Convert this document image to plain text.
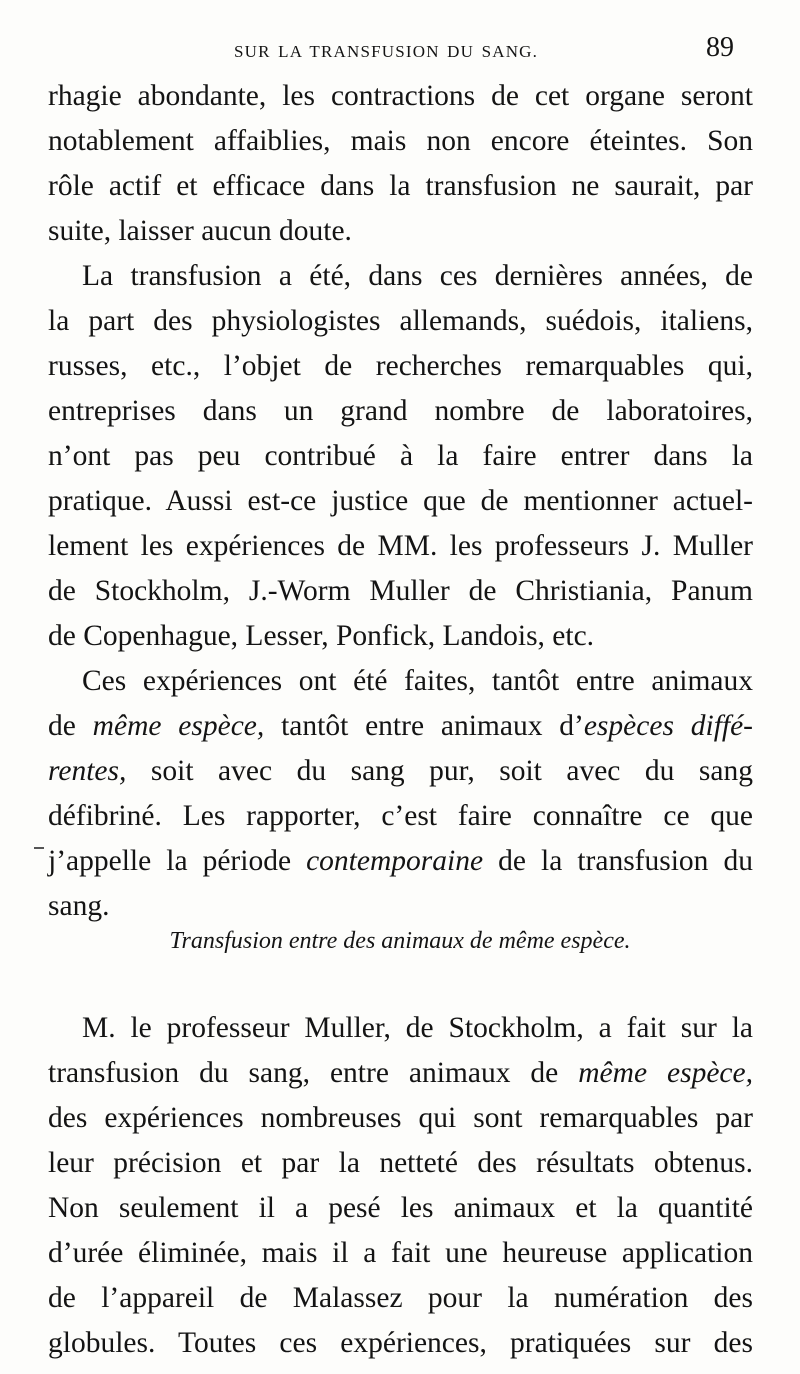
SUR LA TRANSFUSION DU SANG.	89
rhagie abondante, les contractions de cet organe seront
notablement affaiblies, mais non encore éteintes. Son
rôle actif et efficace dans la transfusion ne saurait, par
suite, laisser aucun doute.
La transfusion a été, dans ces dernières années, de
la part des physiologistes allemands, suédois, italiens,
russes, etc., l’objet de recherches remarquables qui,
entreprises dans un grand nombre de laboratoires,
n’ont pas peu contribué à la faire entrer dans la
pratique. Aussi est-ce justice que de mentionner actuel-
lement les expériences de MM. les professeurs J. Muller
de Stockholm, J.-Worm Muller de Christiania, Panum
de Copenhague, Lesser, Ponfick, Landois, etc.
Ces expériences ont été faites, tantôt entre animaux
de même espèce, tantôt entre animaux d’espèces diffé-
rentes, soit avec du sang pur, soit avec du sang
défibriné. Les rapporter, c’est faire connaître ce que
j’appelle la période contemporaine de la transfusion du
sang.
M. le professeur Muller, de Stockholm, a fait sur la
transfusion du sang, entre animaux de même espèce,
des expériences nombreuses qui sont remarquables par
leur précision et par la netteté des résultats obtenus.
Non seulement il a pesé les animaux et la quantité
d’urée éliminée, mais il a fait une heureuse application
de l’appareil de Malassez pour la numération des
globules. Toutes ces expériences, pratiquées sur des
Transfusion entre des animaux de même espèce.
